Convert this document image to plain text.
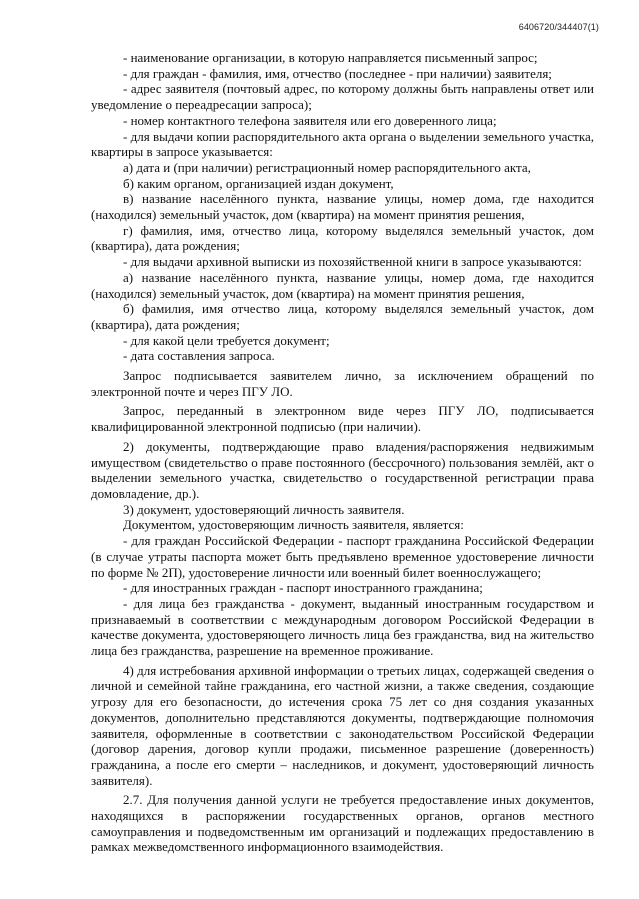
6406720/344407(1)

- наименование организации, в которую направляется письменный запрос;

- для граждан - фамилия, имя, отчество (последнее - при наличии) заявителя;

- адрес заявителя (почтовый адрес, по которому должны быть направлены ответ или уведомление о переадресации запроса);

- номер контактного телефона заявителя или его доверенного лица;

- для выдачи копии распорядительного акта органа о выделении земельного участка, квартиры в запросе указывается:

а) дата и (при наличии) регистрационный номер распорядительного акта,

б) каким органом, организацией издан документ,

в) название населённого пункта, название улицы, номер дома, где находится (находился) земельный участок, дом (квартира) на момент принятия решения,

г) фамилия, имя, отчество лица, которому выделялся земельный участок, дом (квартира), дата рождения;

- для выдачи архивной выписки из похозяйственной книги в запросе указываются:

а) название населённого пункта, название улицы, номер дома, где находится (находился) земельный участок, дом (квартира) на момент принятия решения,

б) фамилия, имя отчество лица, которому выделялся земельный участок, дом (квартира), дата рождения;

- для какой цели требуется документ;

- дата составления запроса.

Запрос подписывается заявителем лично, за исключением обращений по электронной почте и через ПГУ ЛО.

Запрос, переданный в электронном виде через ПГУ ЛО, подписывается квалифицированной электронной подписью (при наличии).

2) документы, подтверждающие право владения/распоряжения недвижимым имуществом (свидетельство о праве постоянного (бессрочного) пользования землёй, акт о выделении земельного участка, свидетельство о государственной регистрации права домовладение, др.).

3) документ, удостоверяющий личность заявителя.

Документом, удостоверяющим личность заявителя, является:

- для граждан Российской Федерации - паспорт гражданина Российской Федерации (в случае утраты паспорта может быть предъявлено временное удостоверение личности по форме № 2П), удостоверение личности или военный билет военнослужащего;

- для иностранных граждан - паспорт иностранного гражданина;

- для лица без гражданства - документ, выданный иностранным государством и признаваемый в соответствии с международным договором Российской Федерации в качестве документа, удостоверяющего личность лица без гражданства, вид на жительство лица без гражданства, разрешение на временное проживание.

4) для истребования архивной информации о третьих лицах, содержащей сведения о личной и семейной тайне гражданина, его частной жизни, а также сведения, создающие угрозу для его безопасности, до истечения срока 75 лет со дня создания указанных документов, дополнительно представляются документы, подтверждающие полномочия заявителя, оформленные в соответствии с законодательством Российской Федерации (договор дарения, договор купли продажи, письменное разрешение (доверенность) гражданина, а после его смерти – наследников, и документ, удостоверяющий личность заявителя).

2.7. Для получения данной услуги не требуется предоставление иных документов, находящихся в распоряжении государственных органов, органов местного самоуправления и подведомственным им организаций и подлежащих предоставлению в рамках межведомственного информационного взаимодействия.
